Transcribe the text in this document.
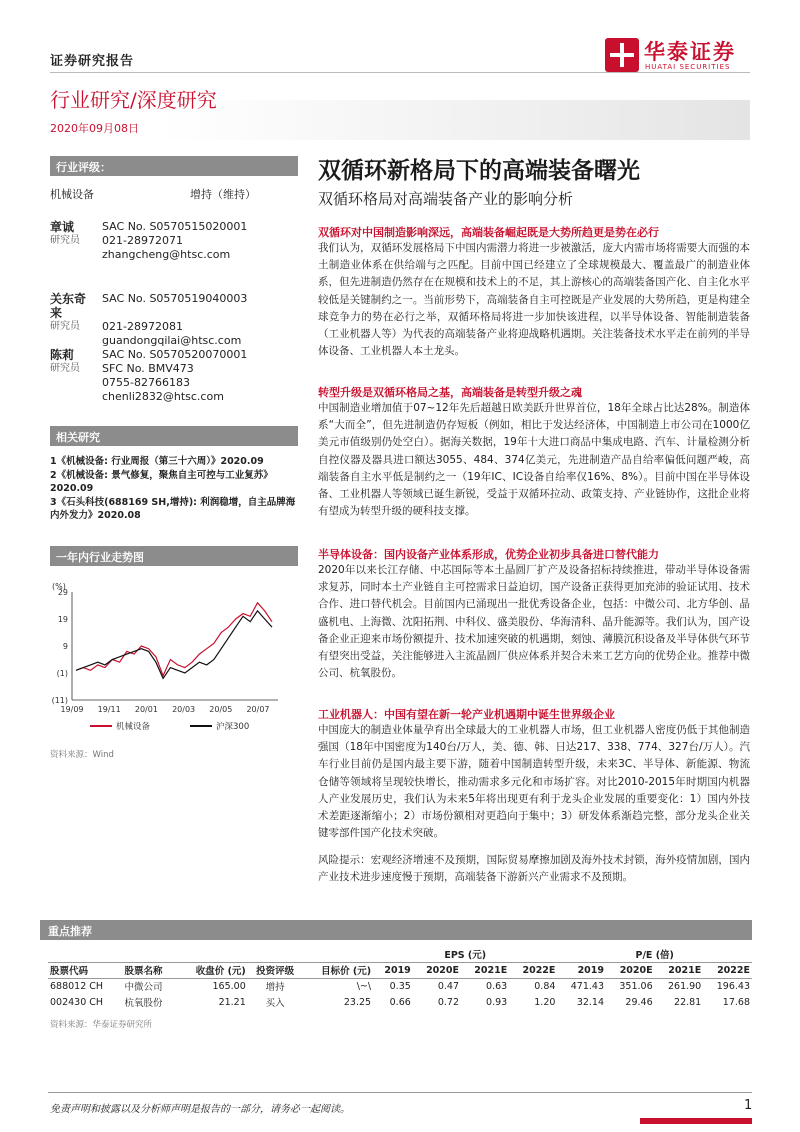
证券研究报告
行业研究/深度研究
2020年09月08日
华泰证券
HUATAI SECURITIES
行业评级：
机械设备	增持（维持）
章诚
研究员
SAC No. S0570515020001
021-28972071
zhangcheng@htsc.com
关东奇来
研究员
SAC No. S0570519040003
021-28972081
guandongqilai@htsc.com
陈莉
研究员
SAC No. S0570520070001
SFC No. BMV473
0755-82766183
chenli2832@htsc.com
相关研究
1《机械设备: 行业周报（第三十六周）》2020.09
2《机械设备: 景气修复，聚焦自主可控与工业复苏》2020.09
3《石头科技(688169 SH,增持): 利润稳增，自主品牌海内外发力》2020.08
一年内行业走势图
(%)
29
19
9
(1)
(11)
19/09 19/11 20/01 20/03 20/05 20/07
机械设备	沪深300
资料来源：Wind
双循环新格局下的高端装备曙光
双循环格局对高端装备产业的影响分析
双循环对中国制造影响深远，高端装备崛起既是大势所趋更是势在必行
我们认为，双循环发展格局下中国内需潜力将进一步被激活，庞大内需市场将需要大而强的本土制造业体系在供给端与之匹配。目前中国已经建立了全球规模最大、覆盖最广的制造业体系，但先进制造仍然存在在规模和技术上的不足，其上游核心的高端装备国产化、自主化水平较低是关键制约之一。当前形势下，高端装备自主可控既是产业发展的大势所趋，更是构建全球竞争力的势在必行之举，双循环格局将进一步加快该进程，以半导体设备、智能制造装备（工业机器人等）为代表的高端装备产业将迎战略机遇期。关注装备技术水平走在前列的半导体设备、工业机器人本土龙头。
转型升级是双循环格局之基，高端装备是转型升级之魂
中国制造业增加值于07~12年先后超越日欧美跃升世界首位，18年全球占比达28%。制造体系“大而全”，但先进制造仍存短板（例如，相比于发达经济体，中国制造上市公司在1000亿美元市值级别仍处空白）。据海关数据，19年十大进口商品中集成电路、汽车、计量检测分析自控仪器及器具进口额达3055、484、374亿美元，先进制造产品自给率偏低问题严峻，高端装备自主水平低是制约之一（19年IC、IC设备自给率仅16%、8%）。目前中国在半导体设备、工业机器人等领域已诞生新锐，受益于双循环拉动、政策支持、产业链协作，这批企业将有望成为转型升级的硬科技支撑。
半导体设备：国内设备产业体系形成，优势企业初步具备进口替代能力
2020年以来长江存储、中芯国际等本土晶圆厂扩产及设备招标持续推进，带动半导体设备需求复苏，同时本土产业链自主可控需求日益迫切，国产设备正获得更加充沛的验证试用、技术合作、进口替代机会。目前国内已涌现出一批优秀设备企业，包括：中微公司、北方华创、晶盛机电、上海微、沈阳拓荆、中科仪、盛美股份、华海清科、晶升能源等。我们认为，国产设备企业正迎来市场份额提升、技术加速突破的机遇期，刻蚀、薄膜沉积设备及半导体供气环节有望突出受益，关注能够进入主流晶圆厂供应体系并契合未来工艺方向的优势企业。推荐中微公司、杭氧股份。
工业机器人：中国有望在新一轮产业机遇期中诞生世界级企业
中国庞大的制造业体量孕育出全球最大的工业机器人市场，但工业机器人密度仍低于其他制造强国（18年中国密度为140台/万人，美、德、韩、日达217、338、774、327台/万人）。汽车行业目前仍是国内最主要下游，随着中国制造转型升级，未来3C、半导体、新能源、物流仓储等领域将呈现较快增长，推动需求多元化和市场扩容。对比2010-2015年时期国内机器人产业发展历史，我们认为未来5年将出现更有利于龙头企业发展的重要变化：1）国内外技术差距逐渐缩小；2）市场份额相对更趋向于集中；3）研发体系渐趋完整，部分龙头企业关键零部件国产化技术突破。
风险提示：宏观经济增速不及预期，国际贸易摩擦加剧及海外技术封锁，海外疫情加剧，国内产业技术进步速度慢于预期，高端装备下游新兴产业需求不及预期。
重点推荐
					EPS (元)				P/E (倍)			
股票代码	股票名称	收盘价 (元)	投资评级	目标价 (元)	2019	2020E	2021E	2022E	2019	2020E	2021E	2022E
688012 CH	中微公司	165.00	增持	\~\	0.35	0.47	0.63	0.84	471.43	351.06	261.90	196.43
002430 CH	杭氧股份	21.21	买入	23.25	0.66	0.72	0.93	1.20	32.14	29.46	22.81	17.68
资料来源：华泰证券研究所
免责声明和披露以及分析师声明是报告的一部分，请务必一起阅读。	1
